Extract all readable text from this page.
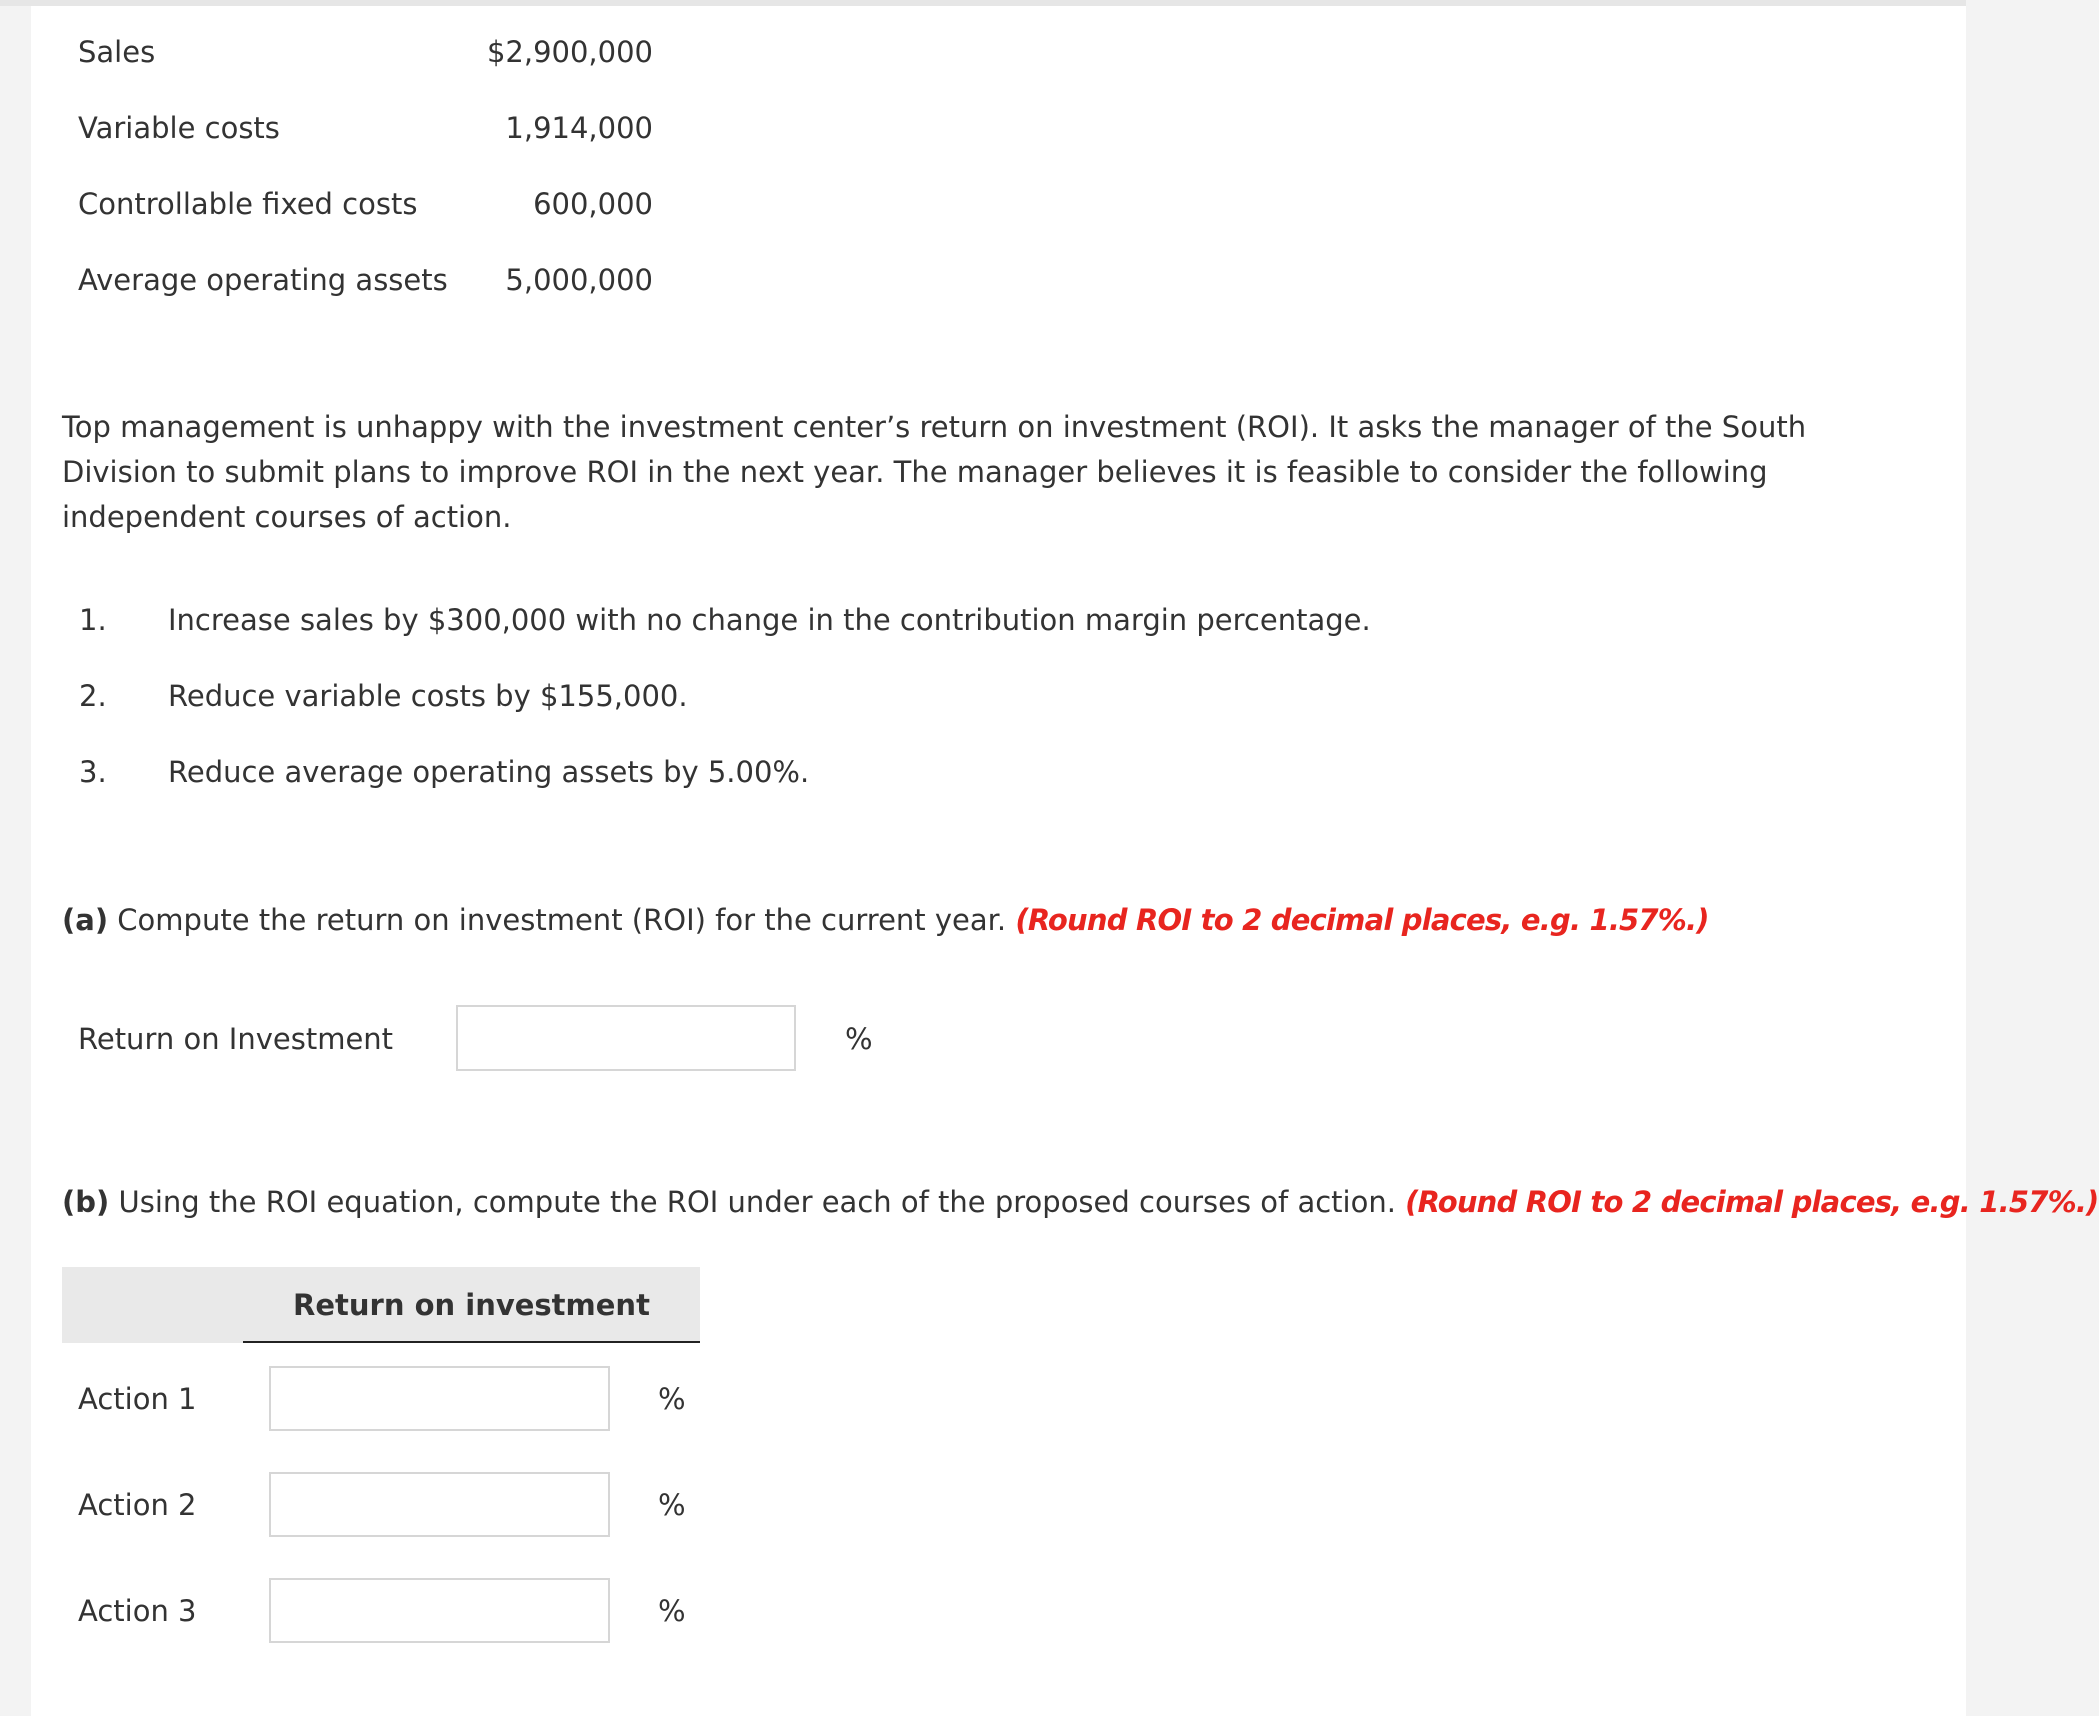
Sales	$2,900,000
Variable costs	1,914,000
Controllable fixed costs	600,000
Average operating assets	5,000,000
Top management is unhappy with the investment center’s return on investment (ROI). It asks the manager of the South Division to submit plans to improve ROI in the next year. The manager believes it is feasible to consider the following independent courses of action.
1. Increase sales by $300,000 with no change in the contribution margin percentage.
2. Reduce variable costs by $155,000.
3. Reduce average operating assets by 5.00%.
(a) Compute the return on investment (ROI) for the current year. (Round ROI to 2 decimal places, e.g. 1.57%.)
Return on Investment	%
(b) Using the ROI equation, compute the ROI under each of the proposed courses of action. (Round ROI to 2 decimal places, e.g. 1.57%.)
Return on investment
Action 1	%
Action 2	%
Action 3	%
